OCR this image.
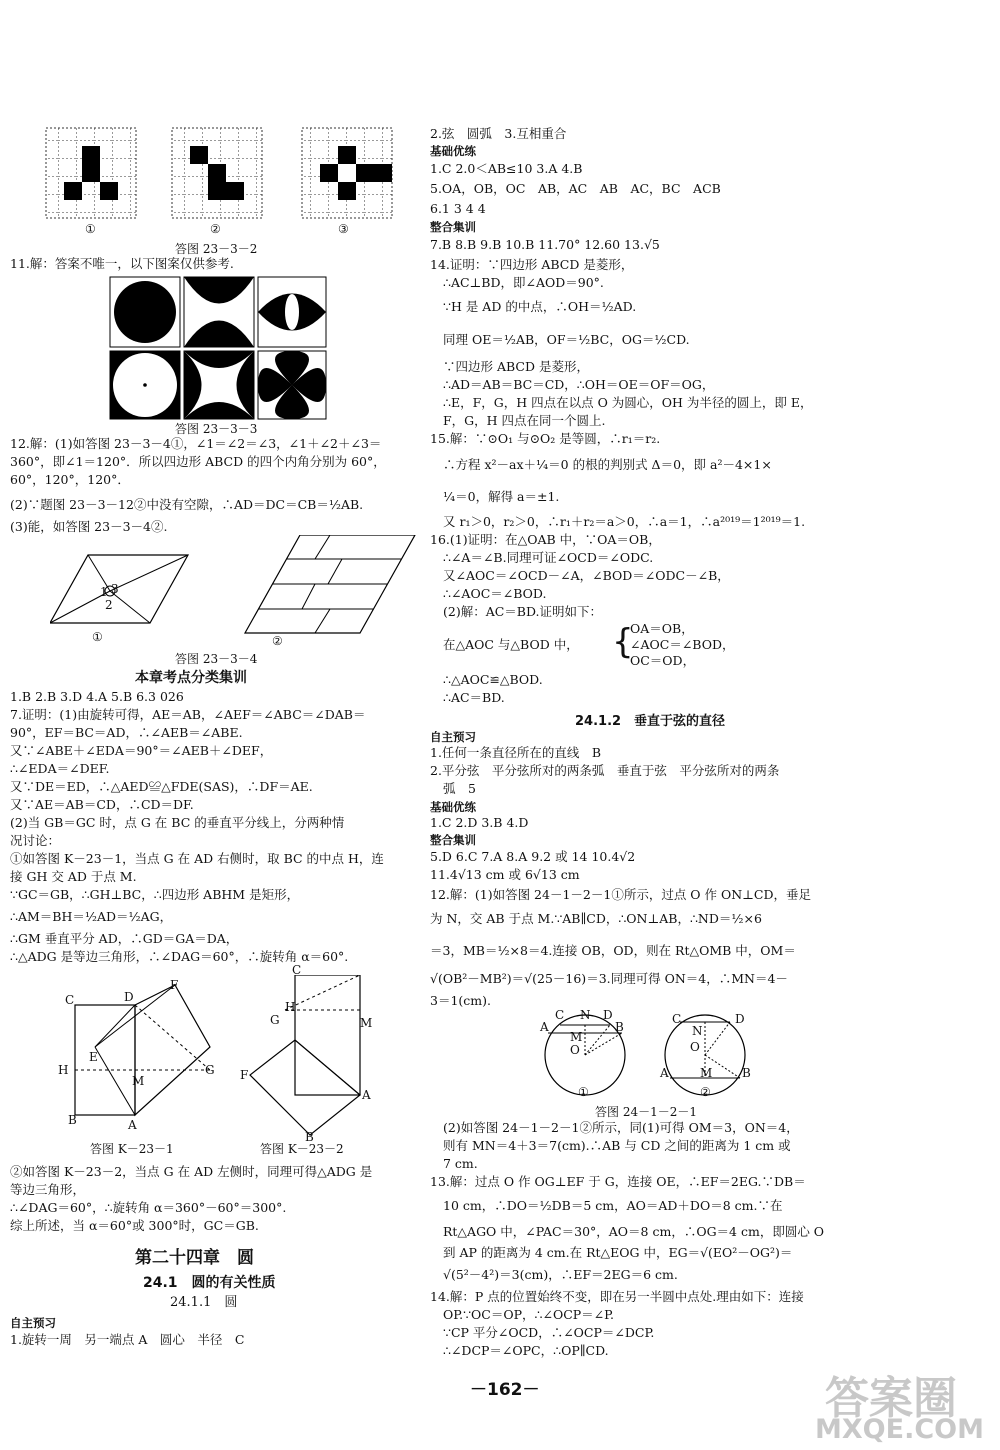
①	②	③
答图 23－3－2
11.解：答案不唯一，以下图案仅供参考.
答图 23－3－3
12.解：(1)如答图 23－3－4①，∠1＝∠2＝∠3，∠1＋∠2＋∠3＝
360°，即∠1＝120°．所以四边形 ABCD 的四个内角分别为 60°，
60°，120°，120°．
(2)∵题图 23－3－12②中没有空隙，∴AD＝DC＝CB＝½AB.
(3)能，如答图 23－3－4②.
1 3
2
①	②
答图 23－3－4
本章考点分类集训
1.B 2.B 3.D 4.A 5.B 6.3 026
7.证明：(1)由旋转可得，AE＝AB，∠AEF＝∠ABC＝∠DAB＝
90°，EF＝BC＝AD，∴∠AEB＝∠ABE.
又∵∠ABE＋∠EDA＝90°＝∠AEB＋∠DEF，
∴∠EDA＝∠DEF.
又∵DE＝ED，∴△AED≌△FDE(SAS)，∴DF＝AE.
又∵AE＝AB＝CD，∴CD＝DF.
(2)当 GB＝GC 时，点 G 在 BC 的垂直平分线上，分两种情
况讨论：
①如答图 K－23－1，当点 G 在 AD 右侧时，取 BC 的中点 H，连
接 GH 交 AD 于点 M.
∵GC＝GB，∴GH⊥BC，∴四边形 ABHM 是矩形，
∴AM＝BH＝½AD＝½AG，
∴GM 垂直平分 AD，∴GD＝GA＝DA，
∴△ADG 是等边三角形，∴∠DAG＝60°，∴旋转角 α＝60°.
C	D
F
H
E
M
G
B	A
C
H
G	M
F
A
B
答图 K－23－1	答图 K－23－2
②如答图 K－23－2，当点 G 在 AD 左侧时，同理可得△ADG 是
等边三角形，
∴∠DAG＝60°，∴旋转角 α＝360°－60°＝300°.
综上所述，当 α＝60°或 300°时，GC＝GB.
第二十四章　圆
24.1　圆的有关性质
24.1.1　圆
自主预习
1.旋转一周　另一端点 A　圆心　半径　C
2.弦　圆弧　3.互相重合
基础优练
1.C 2.0＜AB≤10 3.A 4.B
5.OA，OB，OC　AB，AC　AB　AC，BC　ACB
6.1 3 4 4
整合集训
7.B 8.B 9.B 10.B 11.70° 12.60 13.√5
14.证明：∵四边形 ABCD 是菱形，
∴AC⊥BD，即∠AOD＝90°.
∵H 是 AD 的中点，∴OH＝½AD.
同理 OE＝½AB，OF＝½BC，OG＝½CD.
∵四边形 ABCD 是菱形，
∴AD＝AB＝BC＝CD，∴OH＝OE＝OF＝OG，
∴E，F，G，H 四点在以点 O 为圆心，OH 为半径的圆上，即 E，
F，G，H 四点在同一个圆上.
15.解：∵⊙O₁ 与⊙O₂ 是等圆，∴r₁＝r₂.
∴方程 x²－ax＋¼＝0 的根的判别式 Δ＝0，即 a²－4×1×
¼＝0，解得 a＝±1.
又 r₁＞0，r₂＞0，∴r₁＋r₂＝a＞0，∴a＝1，∴a²⁰¹⁹＝1²⁰¹⁹＝1.
16.(1)证明：在△OAB 中，∵OA＝OB，
∴∠A＝∠B.同理可证∠OCD＝∠ODC.
又∠AOC＝∠OCD－∠A，∠BOD＝∠ODC－∠B，
∴∠AOC＝∠BOD.
(2)解：AC＝BD.证明如下：
在△AOC 与△BOD 中， {
OA＝OB，
∠AOC＝∠BOD，
OC＝OD，
∴△AOC≌△BOD.
∴AC＝BD.
24.1.2　垂直于弦的直径
自主预习
1.任何一条直径所在的直线　B
2.平分弦　平分弦所对的两条弧　垂直于弦　平分弦所对的两条
弧　5
基础优练
1.C 2.D 3.B 4.D
整合集训
5.D 6.C 7.A 8.A 9.2 或 14 10.4√2
11.4√13 cm 或 6√13 cm
12.解：(1)如答图 24－1－2－1①所示，过点 O 作 ON⊥CD，垂足
为 N，交 AB 于点 M.∵AB∥CD，∴ON⊥AB，∴ND＝½×6
＝3，MB＝½×8＝4.连接 OB，OD，则在 Rt△OMB 中，OM＝
√(OB²－MB²)＝√(25－16)＝3.同理可得 ON＝4，∴MN＝4－
3＝1(cm).
C N D
A
M
B
O
①
C	D
N
O
A	M B
②
答图 24－1－2－1
(2)如答图 24－1－2－1②所示，同(1)可得 OM＝3，ON＝4，
则有 MN＝4＋3＝7(cm).∴AB 与 CD 之间的距离为 1 cm 或
7 cm.
13.解：过点 O 作 OG⊥EF 于 G，连接 OE，∴EF＝2EG.∵DB＝
10 cm，∴DO＝½DB＝5 cm，AO＝AD＋DO＝8 cm.∵在
Rt△AGO 中，∠PAC＝30°，AO＝8 cm，∴OG＝4 cm，即圆心 O
到 AP 的距离为 4 cm.在 Rt△EOG 中，EG＝√(EO²－OG²)＝
√(5²－4²)＝3(cm)，∴EF＝2EG＝6 cm.
14.解：P 点的位置始终不变，即在另一半圆中点处.理由如下：连接
OP.∵OC＝OP，∴∠OCP＝∠P.
∵CP 平分∠OCD，∴∠OCP＝∠DCP.
∴∠DCP＝∠OPC，∴OP∥CD.
－162－	答案圈
MXQE.COM
